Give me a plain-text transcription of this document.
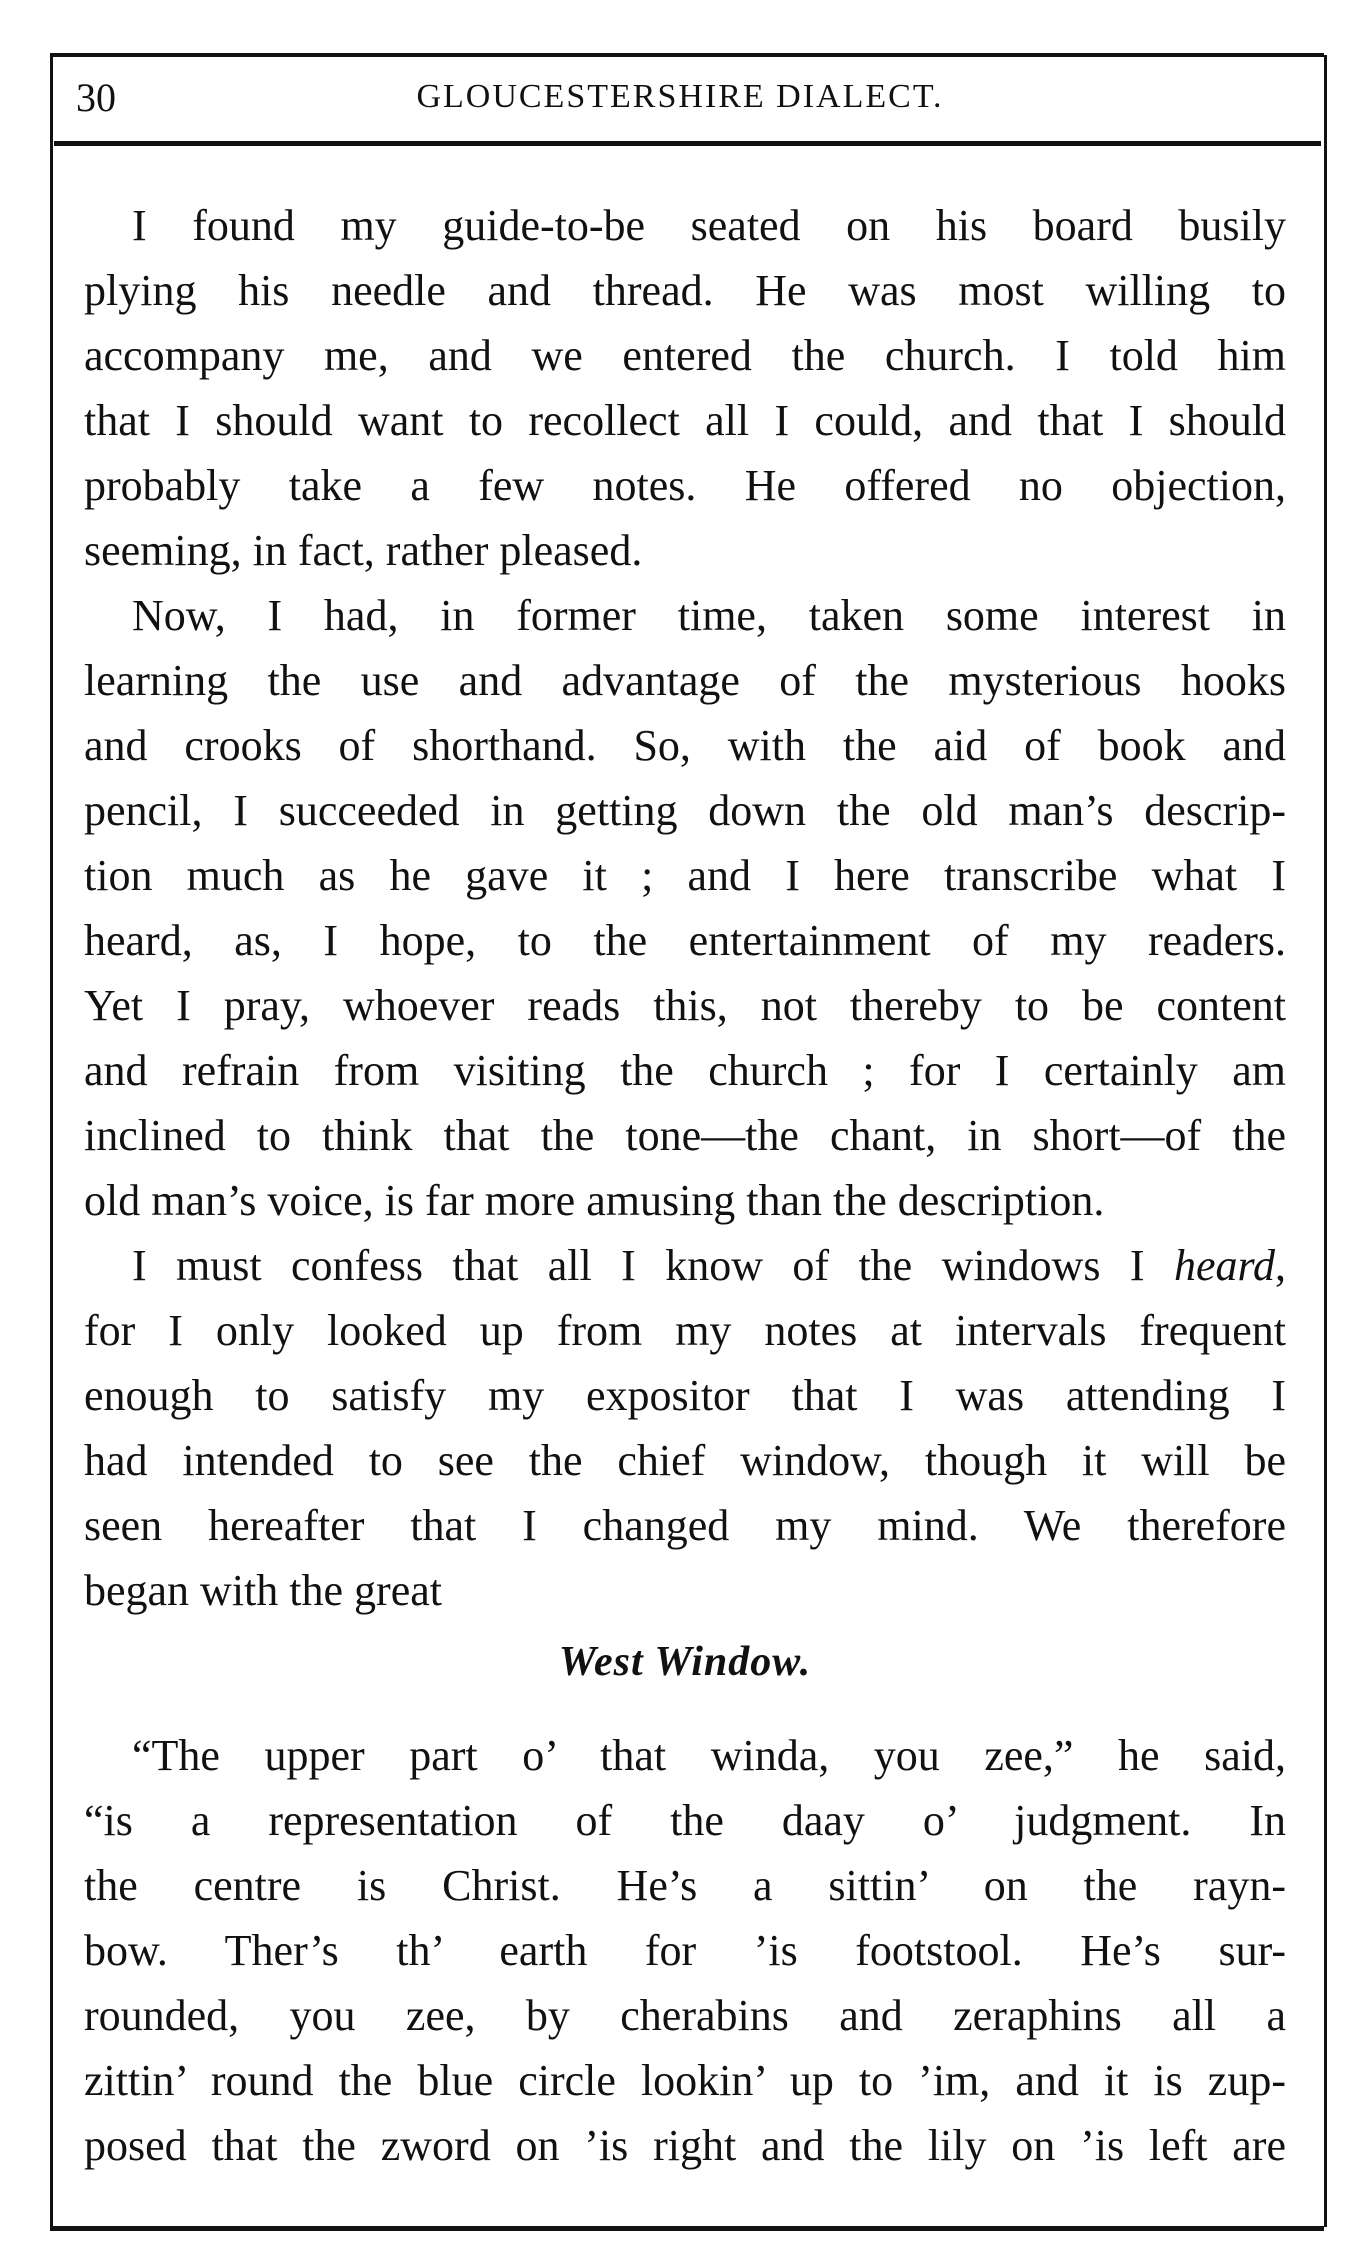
30	GLOUCESTERSHIRE DIALECT.
I found my guide-to-be seated on his board busily
plying his needle and thread. He was most willing to
accompany me, and we entered the church. I told him
that I should want to recollect all I could, and that I should
probably take a few notes. He offered no objection,
seeming, in fact, rather pleased.
Now, I had, in former time, taken some interest in
learning the use and advantage of the mysterious hooks
and crooks of shorthand. So, with the aid of book and
pencil, I succeeded in getting down the old man’s descrip-
tion much as he gave it ; and I here transcribe what I
heard, as, I hope, to the entertainment of my readers.
Yet I pray, whoever reads this, not thereby to be content
and refrain from visiting the church ; for I certainly am
inclined to think that the tone—the chant, in short—of the
old man’s voice, is far more amusing than the description.
I must confess that all I know of the windows I heard,
for I only looked up from my notes at intervals frequent
enough to satisfy my expositor that I was attending I
had intended to see the chief window, though it will be
seen hereafter that I changed my mind. We therefore
began with the great
West Window.
“The upper part o’ that winda, you zee,” he said,
“is a representation of the daay o’ judgment. In
the centre is Christ. He’s a sittin’ on the rayn-
bow. Ther’s th’ earth for ’is footstool. He’s sur-
rounded, you zee, by cherabins and zeraphins all a
zittin’ round the blue circle lookin’ up to ’im, and it is zup-
posed that the zword on ’is right and the lily on ’is left are
